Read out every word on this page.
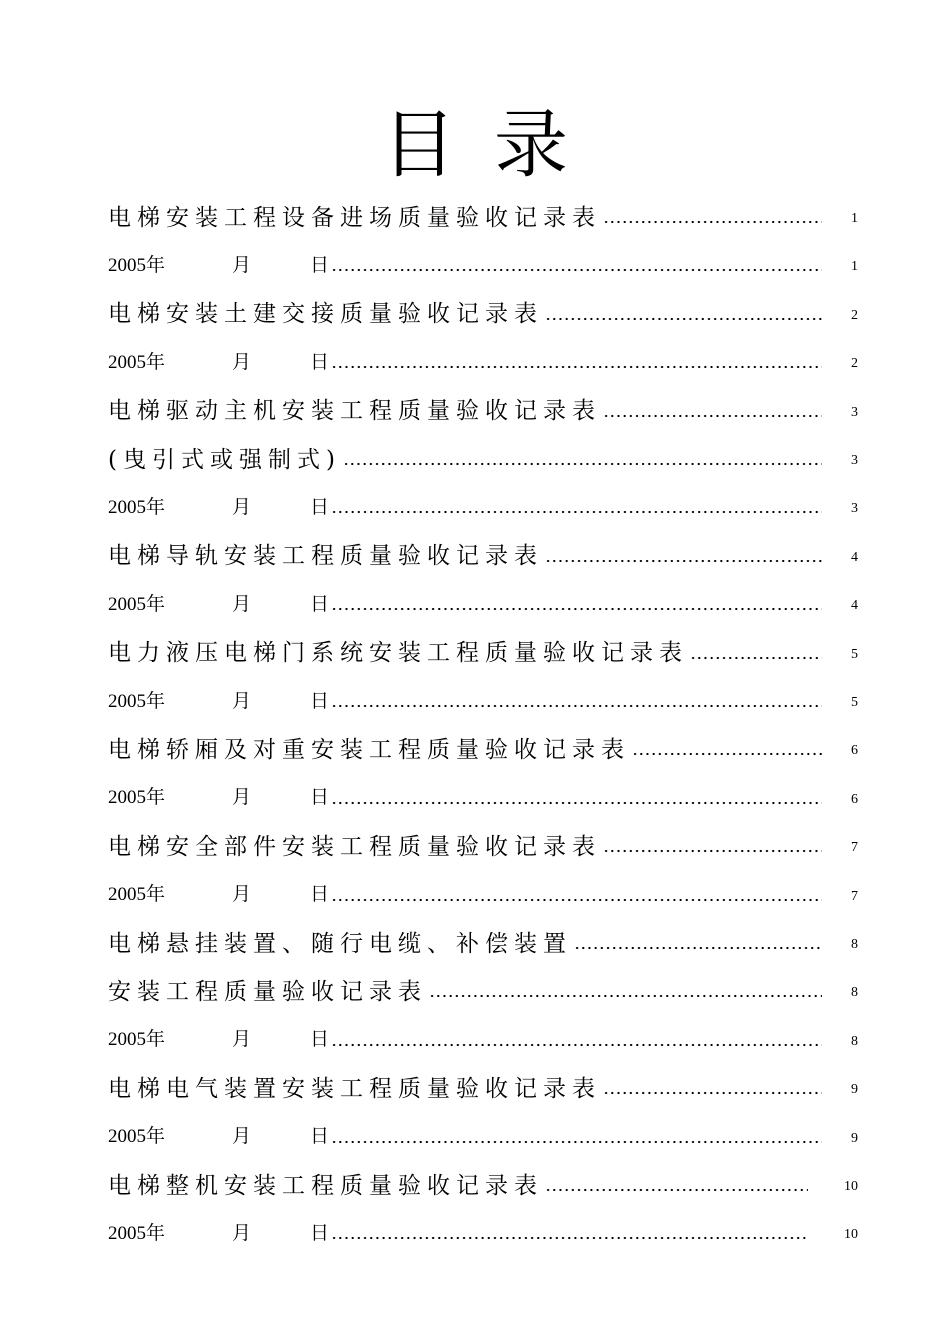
目录
电梯安装工程设备进场质量验收记录表	1
2005年	月	日	1
电梯安装土建交接质量验收记录表	2
2005年	月	日	2
电梯驱动主机安装工程质量验收记录表	3
(曳引式或强制式)	3
2005年	月	日	3
电梯导轨安装工程质量验收记录表	4
2005年	月	日	4
电力液压电梯门系统安装工程质量验收记录表	5
2005年	月	日	5
电梯轿厢及对重安装工程质量验收记录表	6
2005年	月	日	6
电梯安全部件安装工程质量验收记录表	7
2005年	月	日	7
电梯悬挂装置、随行电缆、补偿装置	8
安装工程质量验收记录表	8
2005年	月	日	8
电梯电气装置安装工程质量验收记录表	9
2005年	月	日	9
电梯整机安装工程质量验收记录表	10
2005年	月	日	10
